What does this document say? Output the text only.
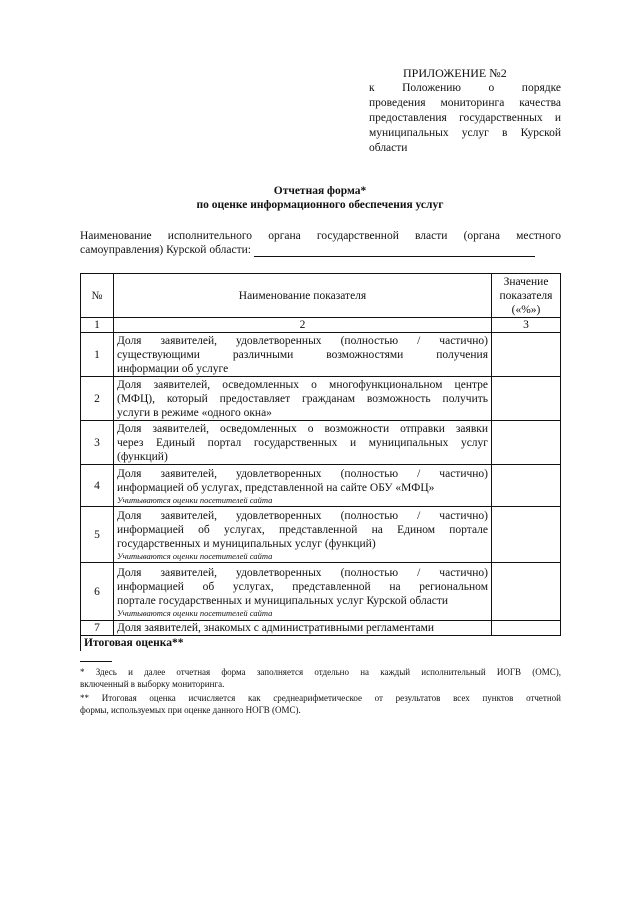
ПРИЛОЖЕНИЕ №2
к Положению о порядке
проведения мониторинга качества
предоставления государственных и
муниципальных услуг в Курской
области
Отчетная форма*
по оценке информационного обеспечения услуг
Наименование исполнительного органа государственной власти (органа местного
самоуправления) Курской области:
№	Наименование показателя	Значение
показателя
(«%»)

1	2	3
1	Доля заявителей, удовлетворенных (полностью / частично)
существующими различными возможностями получения
информации об услуге	

2	Доля заявителей, осведомленных о многофункциональном центре
(МФЦ), который предоставляет гражданам возможность получить
услуги в режиме «одного окна»	

3	Доля заявителей, осведомленных о возможности отправки заявки
через Единый портал государственных и муниципальных услуг
(функций)	

4	Доля заявителей, удовлетворенных (полностью / частично)
информацией об услугах, представленной на сайте ОБУ «МФЦ»
Учитываются оценки посетителей сайта	

5	Доля заявителей, удовлетворенных (полностью / частично)
информацией об услугах, представленной на Едином портале
государственных и муниципальных услуг (функций)
Учитываются оценки посетителей сайта	

6	Доля заявителей, удовлетворенных (полностью / частично)
информацией об услугах, представленной на региональном
портале государственных и муниципальных услуг Курской области
Учитываются оценки посетителей сайта	

7	Доля заявителей, знакомых с административными регламентами	

Итоговая оценка**		
* Здесь и далее отчетная форма заполняется отдельно на каждый исполнительный ИОГВ (ОМС),
включенный в выборку мониторинга.
** Итоговая оценка исчисляется как среднеарифметическое от результатов всех пунктов отчетной
формы, используемых при оценке данного НОГВ (ОМС).
